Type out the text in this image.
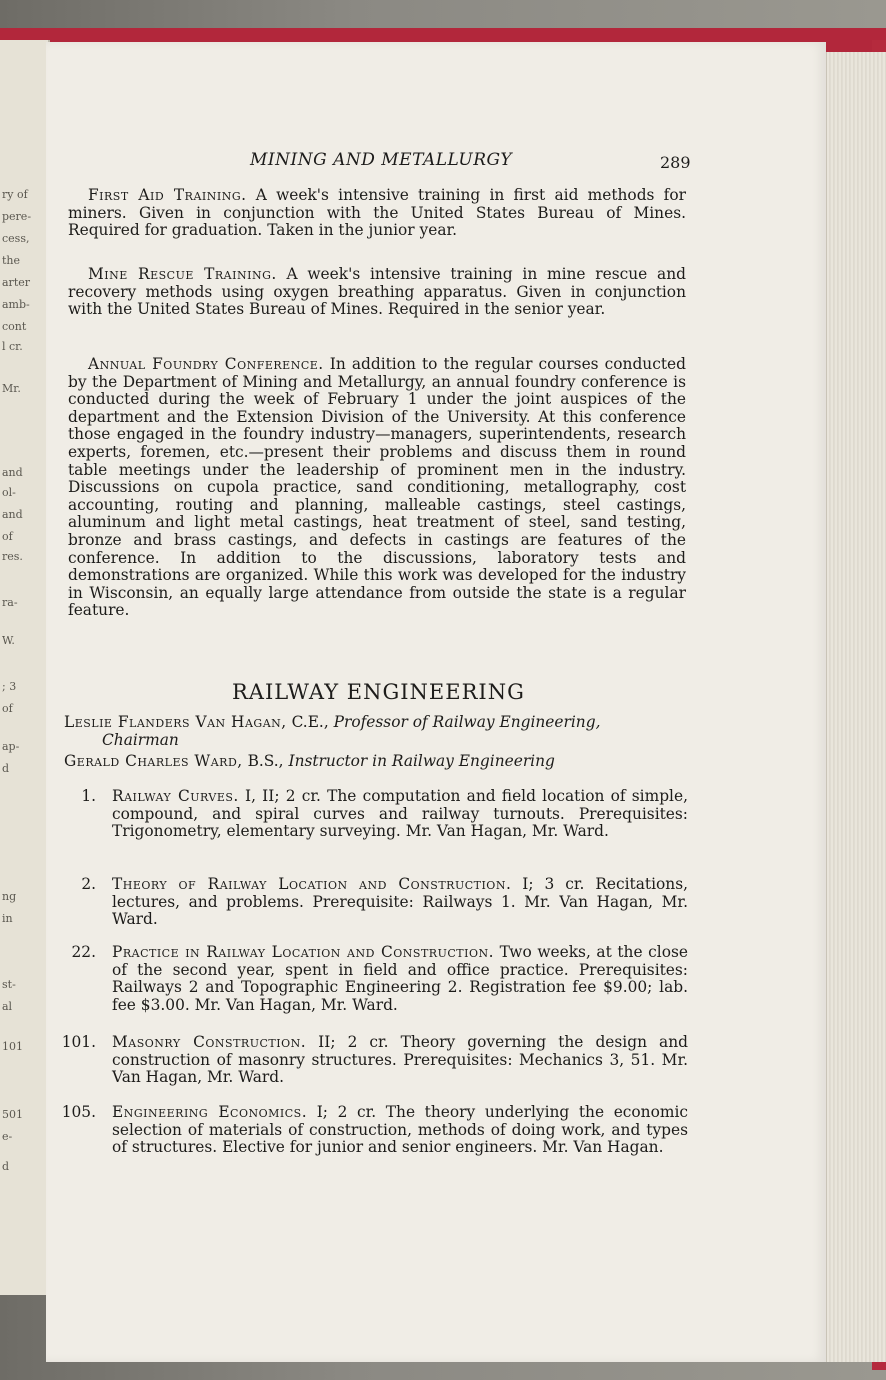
ry of
pere-
cess,
the
arter
amb-
cont
l cr.
Mr.
and
ol-
and
of
res.
ra-
W.
; 3
of
ap-
d
ng
in
st-
al
101
501
e-
d
MINING AND METALLURGY	289

First Aid Training. A week's intensive training in first aid methods for miners. Given in conjunction with the United States Bureau of Mines. Required for graduation. Taken in the junior year.

Mine Rescue Training. A week's intensive training in mine rescue and recovery methods using oxygen breathing apparatus. Given in conjunction with the United States Bureau of Mines. Required in the senior year.

Annual Foundry Conference. In addition to the regular courses conducted by the Department of Mining and Metallurgy, an annual foundry conference is conducted during the week of February 1 under the joint auspices of the department and the Extension Division of the University. At this conference those engaged in the foundry industry—managers, superintendents, research experts, foremen, etc.—present their problems and discuss them in round table meetings under the leadership of prominent men in the industry. Discussions on cupola practice, sand conditioning, metallography, cost accounting, routing and planning, malleable castings, steel castings, aluminum and light metal castings, heat treatment of steel, sand testing, bronze and brass castings, and defects in castings are features of the conference. In addition to the discussions, laboratory tests and demonstrations are organized. While this work was developed for the industry in Wisconsin, an equally large attendance from outside the state is a regular feature.

RAILWAY ENGINEERING

Leslie Flanders Van Hagan, C.E., Professor of Railway Engineering,
Chairman

Gerald Charles Ward, B.S., Instructor in Railway Engineering

1. Railway Curves. I, II; 2 cr. The computation and field location of simple, compound, and spiral curves and railway turnouts. Prerequisites: Trigonometry, elementary surveying. Mr. Van Hagan, Mr. Ward.

2. Theory of Railway Location and Construction. I; 3 cr. Recitations, lectures, and problems. Prerequisite: Railways 1. Mr. Van Hagan, Mr. Ward.

22. Practice in Railway Location and Construction. Two weeks, at the close of the second year, spent in field and office practice. Prerequisites: Railways 2 and Topographic Engineering 2. Registration fee $9.00; lab. fee $3.00. Mr. Van Hagan, Mr. Ward.

101. Masonry Construction. II; 2 cr. Theory governing the design and construction of masonry structures. Prerequisites: Mechanics 3, 51. Mr. Van Hagan, Mr. Ward.

105. Engineering Economics. I; 2 cr. The theory underlying the economic selection of materials of construction, methods of doing work, and types of structures. Elective for junior and senior engineers. Mr. Van Hagan.
